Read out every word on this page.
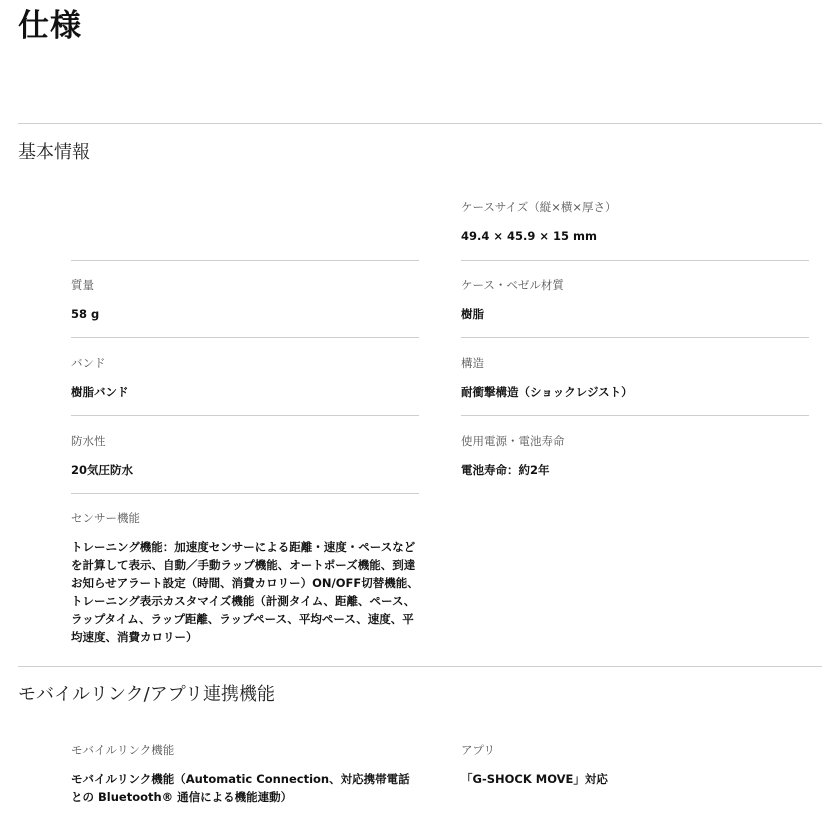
仕様
基本情報
ケースサイズ（縦×横×厚さ）
49.4 × 45.9 × 15 mm
質量
58 g
ケース・ベゼル材質
樹脂
バンド
樹脂バンド
構造
耐衝撃構造（ショックレジスト）
防水性
20気圧防水
使用電源・電池寿命
電池寿命：約2年
センサー機能
トレーニング機能：加速度センサーによる距離・速度・ペースなどを計算して表示、自動／手動ラップ機能、オートポーズ機能、到達お知らせアラート設定（時間、消費カロリー）ON/OFF切替機能、トレーニング表示カスタマイズ機能（計測タイム、距離、ペース、ラップタイム、ラップ距離、ラップペース、平均ペース、速度、平均速度、消費カロリー）
モバイルリンク/アプリ連携機能
モバイルリンク機能
モバイルリンク機能（Automatic Connection、対応携帯電話との Bluetooth® 通信による機能連動）
アプリ
「G-SHOCK MOVE」対応
